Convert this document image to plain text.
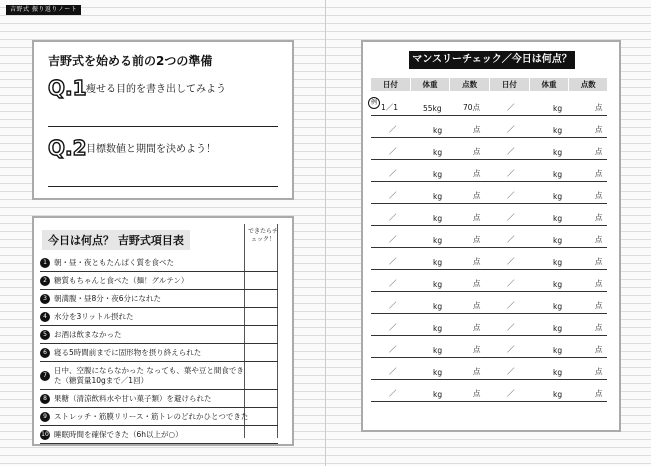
吉野式 振り返りノート
吉野式を始める前の2つの準備
Q.1 痩せる目的を書き出してみよう
Q.2 目標数値と期間を決めよう！
今日は何点？ 吉野式項目表
できたらチェック！
1 朝・昼・夜ともたんぱく質を食べた
2 糖質もちゃんと食べた（麺！グルテン）
3 朝満腹・昼8分・夜6分になれた
4 水分を3リットル摂れた
5 お酒は飲まなかった
6 寝る5時間前までに固形物を摂り終えられた
7
日中、空腹にならなかった なっても、葉や豆と間食できた（糖質量10gまで／1回）
8 果糖（清涼飲料水や甘い菓子類）を避けられた
9 ストレッチ・筋膜リリース・筋トレのどれかひとつできた
10 睡眠時間を確保できた（6h以上が○）
マンスリーチェック／今日は何点？
日付	体重	点数	日付	体重	点数
例
1／1	55kg	70点	／	kg	点
／	kg	点	／	kg	点
／	kg	点	／	kg	点
／	kg	点	／	kg	点
／	kg	点	／	kg	点
／	kg	点	／	kg	点
／	kg	点	／	kg	点
／	kg	点	／	kg	点
／	kg	点	／	kg	点
／	kg	点	／	kg	点
／	kg	点	／	kg	点
／	kg	点	／	kg	点
／	kg	点	／	kg	点
／	kg	点	／	kg	点
